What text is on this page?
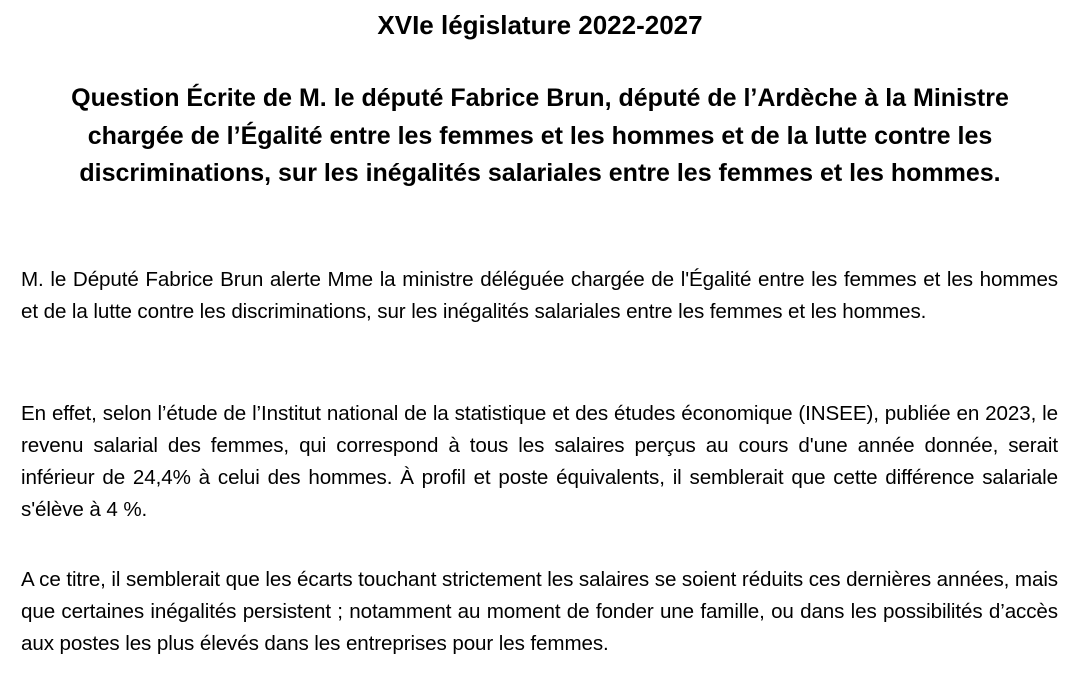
XVIe législature 2022-2027
Question Écrite de M. le député Fabrice Brun, député de l’Ardèche à la Ministre chargée de l’Égalité entre les femmes et les hommes et de la lutte contre les discriminations, sur les inégalités salariales entre les femmes et les hommes.

M. le Député Fabrice Brun alerte Mme la ministre déléguée chargée de l'Égalité entre les femmes et les hommes et de la lutte contre les discriminations, sur les inégalités salariales entre les femmes et les hommes.

En effet, selon l’étude de l’Institut national de la statistique et des études économique (INSEE), publiée en 2023, le revenu salarial des femmes, qui correspond à tous les salaires perçus au cours d'une année donnée, serait inférieur de 24,4% à celui des hommes. À profil et poste équivalents, il semblerait que cette différence salariale s'élève à 4 %.

A ce titre, il semblerait que les écarts touchant strictement les salaires se soient réduits ces dernières années, mais que certaines inégalités persistent ; notamment au moment de fonder une famille, ou dans les possibilités d’accès aux postes les plus élevés dans les entreprises pour les femmes.
